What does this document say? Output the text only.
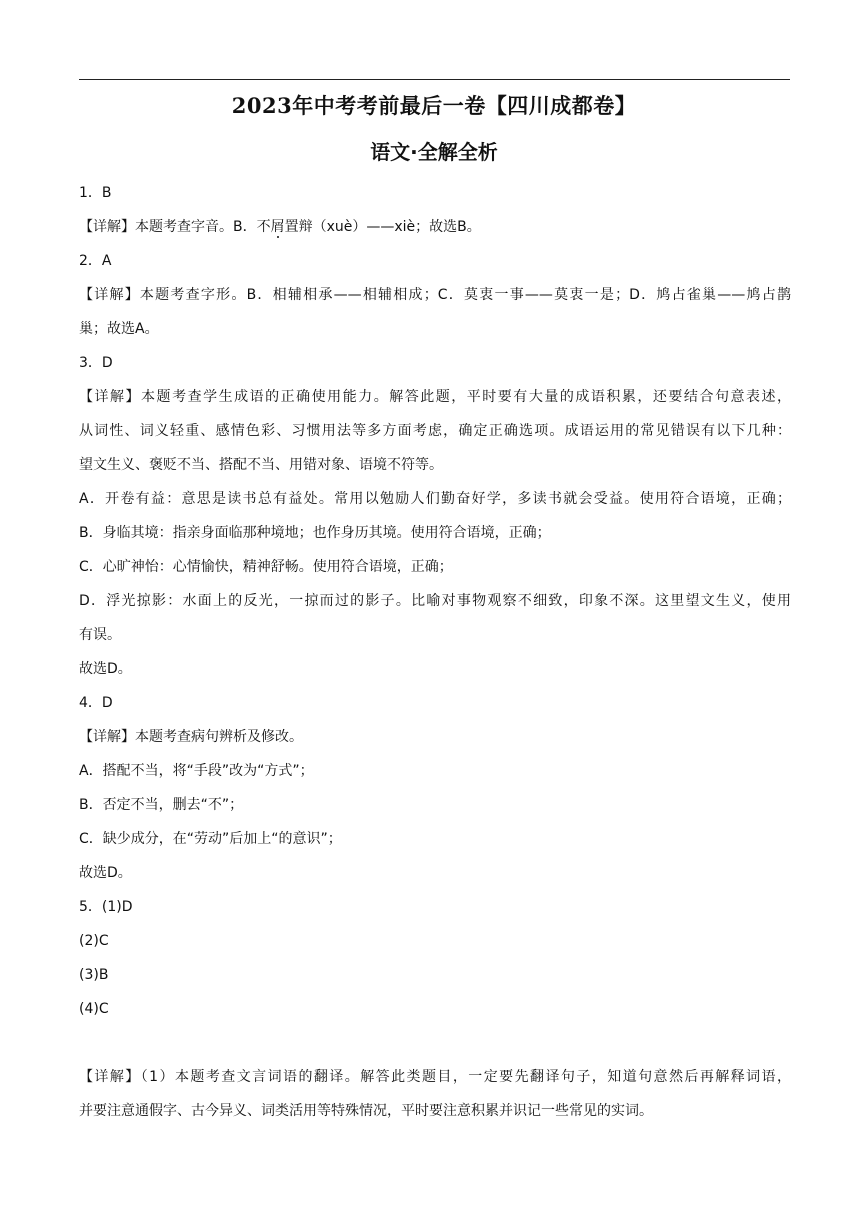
2023年中考考前最后一卷【四川成都卷】
语文·全解全析
1．B
【详解】本题考查字音。B．不屑置辩（xuè）——xiè；故选B。
2．A
【详解】本题考查字形。B．相辅相承——相辅相成；C．莫衷一事——莫衷一是；D．鸠占雀巢——鸠占鹊
巢；故选A。
3．D
【详解】本题考查学生成语的正确使用能力。解答此题，平时要有大量的成语积累，还要结合句意表述，
从词性、词义轻重、感情色彩、习惯用法等多方面考虑，确定正确选项。成语运用的常见错误有以下几种：
望文生义、褒贬不当、搭配不当、用错对象、语境不符等。
A．开卷有益：意思是读书总有益处。常用以勉励人们勤奋好学，多读书就会受益。使用符合语境，正确；
B．身临其境：指亲身面临那种境地；也作身历其境。使用符合语境，正确；
C．心旷神怡：心情愉快，精神舒畅。使用符合语境，正确；
D．浮光掠影：水面上的反光，一掠而过的影子。比喻对事物观察不细致，印象不深。这里望文生义，使用
有误。
故选D。
4．D
【详解】本题考查病句辨析及修改。
A．搭配不当，将“手段”改为“方式”；
B．否定不当，删去“不”；
C．缺少成分，在“劳动”后加上“的意识”；
故选D。
5．(1)D
(2)C
(3)B
(4)C
【详解】（1）本题考查文言词语的翻译。解答此类题目，一定要先翻译句子，知道句意然后再解释词语，
并要注意通假字、古今异义、词类活用等特殊情况，平时要注意积累并识记一些常见的实词。
